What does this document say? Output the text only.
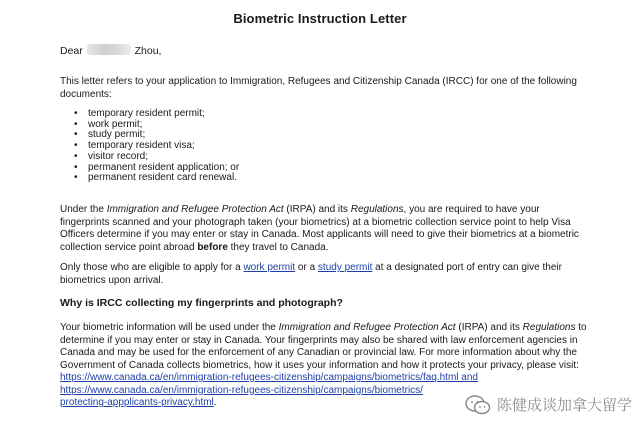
Biometric Instruction Letter
Dear	Zhou,
This letter refers to your application to Immigration, Refugees and Citizenship Canada (IRCC) for one of the following documents:
• temporary resident permit;
• work permit;
• study permit;
• temporary resident visa;
• visitor record;
• permanent resident application; or
• permanent resident card renewal.
Under the Immigration and Refugee Protection Act (IRPA) and its Regulations, you are required to have your fingerprints scanned and your photograph taken (your biometrics) at a biometric collection service point to help Visa Officers determine if you may enter or stay in Canada. Most applicants will need to give their biometrics at a biometric collection service point abroad before they travel to Canada.
Only those who are eligible to apply for a work permit or a study permit at a designated port of entry can give their biometrics upon arrival.
Why is IRCC collecting my fingerprints and photograph?
Your biometric information will be used under the Immigration and Refugee Protection Act (IRPA) and its Regulations to determine if you may enter or stay in Canada. Your fingerprints may also be shared with law enforcement agencies in Canada and may be used for the enforcement of any Canadian or provincial law. For more information about why the Government of Canada collects biometrics, how it uses your information and how it protects your privacy, please visit:
https://www.canada.ca/en/immigration-refugees-citizenship/campaigns/biometrics/faq.html and
https://www.canada.ca/en/immigration-refugees-citizenship/campaigns/biometrics/
protecting-appplicants-privacy.html.	陈健成谈加拿大留学
